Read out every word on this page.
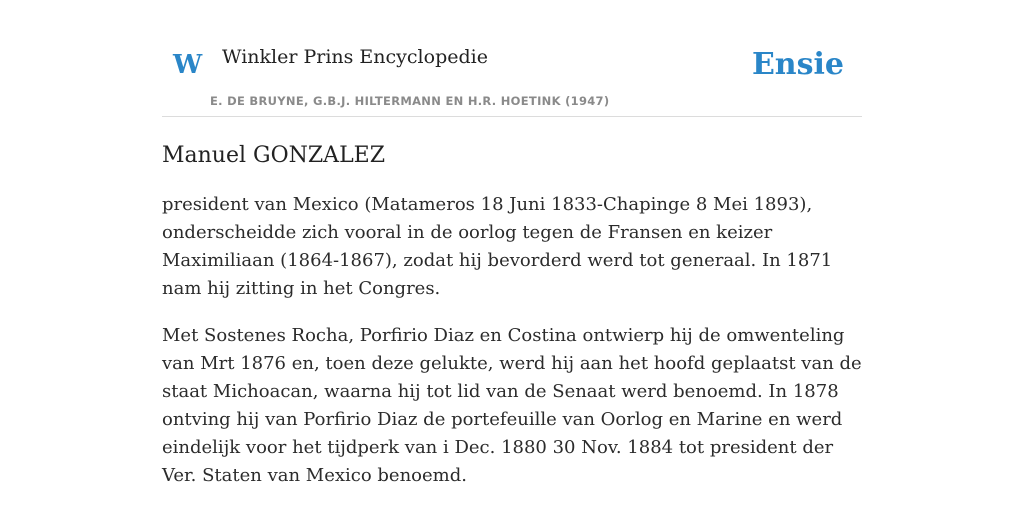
W Winkler Prins Encyclopedie
E. DE BRUYNE, G.B.J. HILTERMANN EN H.R. HOETINK (1947)
Ensie
Manuel GONZALEZ

president van Mexico (Matameros 18 Juni 1833-Chapinge 8 Mei 1893), onderscheidde zich vooral in de oorlog tegen de Fransen en keizer Maximiliaan (1864-1867), zodat hij bevorderd werd tot generaal. In 1871 nam hij zitting in het Congres.

Met Sostenes Rocha, Porfirio Diaz en Costina ontwierp hij de omwenteling van Mrt 1876 en, toen deze gelukte, werd hij aan het hoofd geplaatst van de staat Michoacan, waarna hij tot lid van de Senaat werd benoemd. In 1878 ontving hij van Porfirio Diaz de portefeuille van Oorlog en Marine en werd eindelijk voor het tijdperk van i Dec. 1880 30 Nov. 1884 tot president der Ver. Staten van Mexico benoemd.
